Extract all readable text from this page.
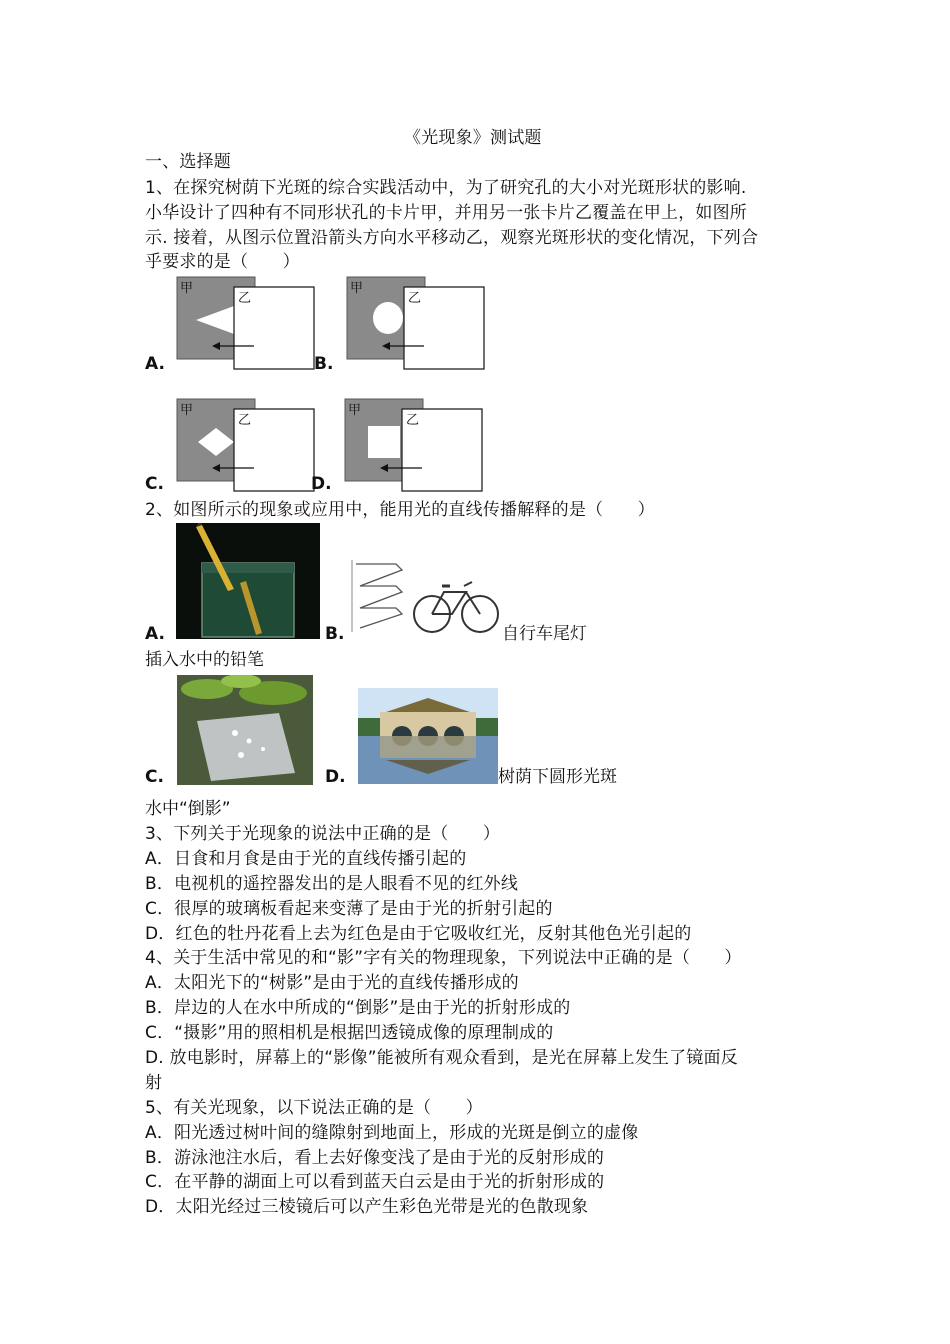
《光现象》测试题
一、选择题
1、在探究树荫下光斑的综合实践活动中，为了研究孔的大小对光斑形状的影响.
小华设计了四种有不同形状孔的卡片甲，并用另一张卡片乙覆盖在甲上，如图所
示. 接着，从图示位置沿箭头方向水平移动乙，观察光斑形状的变化情况，下列合
乎要求的是（　　）
A.
甲
乙
B.
甲
乙
C.
甲
乙
D.
甲
乙
2、如图所示的现象或应用中，能用光的直线传播解释的是（　　）
A.	B.	自行车尾灯
插入水中的铅笔
C.	D.	树荫下圆形光斑
水中“倒影”
3、下列关于光现象的说法中正确的是（　　）
A．日食和月食是由于光的直线传播引起的
B．电视机的遥控器发出的是人眼看不见的红外线
C．很厚的玻璃板看起来变薄了是由于光的折射引起的
D．红色的牡丹花看上去为红色是由于它吸收红光，反射其他色光引起的
4、关于生活中常见的和“影”字有关的物理现象，下列说法中正确的是（　　）
A．太阳光下的“树影”是由于光的直线传播形成的
B．岸边的人在水中所成的“倒影”是由于光的折射形成的
C．“摄影”用的照相机是根据凹透镜成像的原理制成的
D. 放电影时，屏幕上的“影像”能被所有观众看到，是光在屏幕上发生了镜面反
射
5、有关光现象，以下说法正确的是（　　）
A．阳光透过树叶间的缝隙射到地面上，形成的光斑是倒立的虚像
B．游泳池注水后，看上去好像变浅了是由于光的反射形成的
C．在平静的湖面上可以看到蓝天白云是由于光的折射形成的
D．太阳光经过三棱镜后可以产生彩色光带是光的色散现象
